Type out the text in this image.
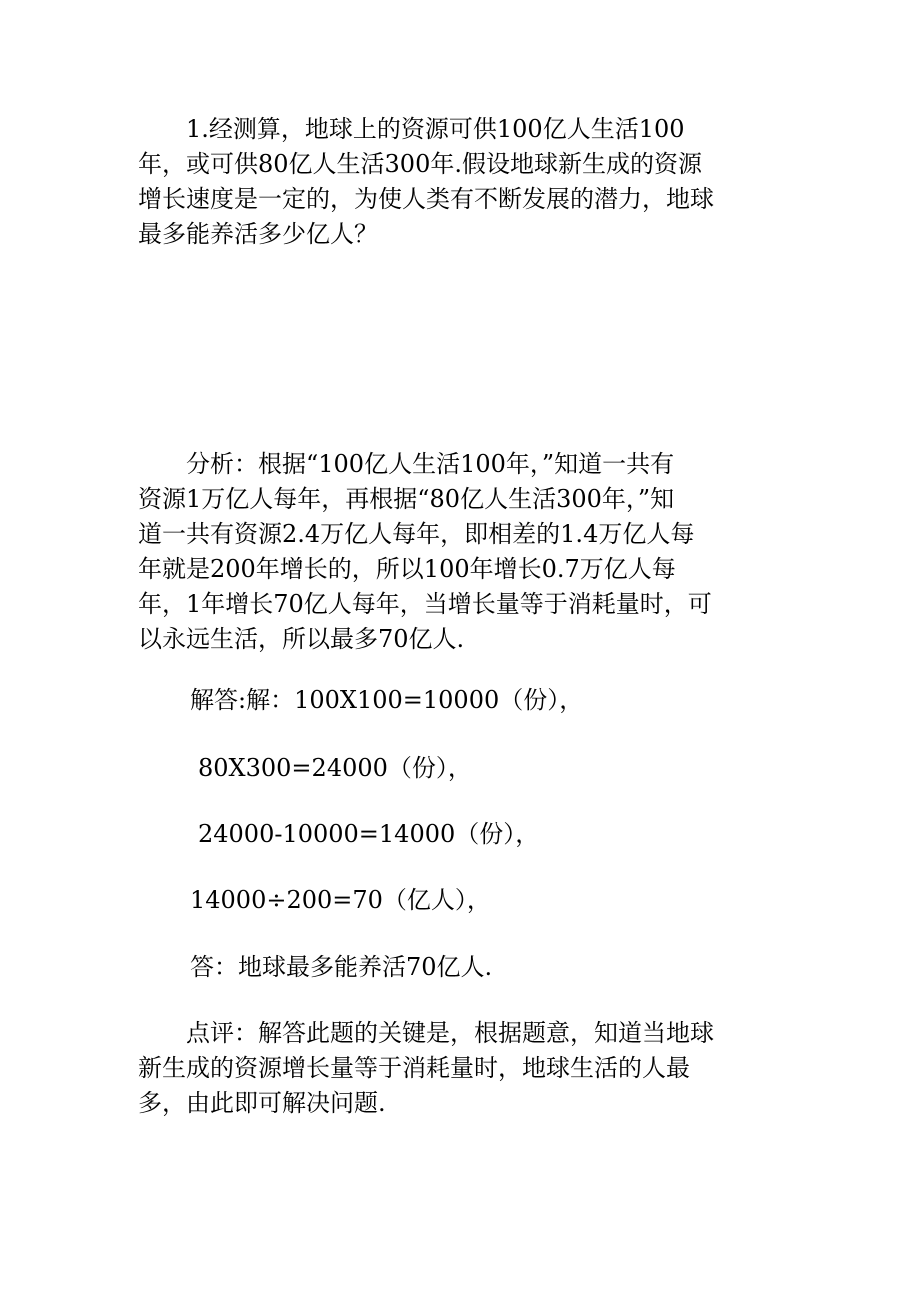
　　1.经测算，地球上的资源可供100亿人生活100
年，或可供80亿人生活300年.假设地球新生成的资源
增长速度是一定的，为使人类有不断发展的潜力，地球
最多能养活多少亿人？
　　分析：根据“100亿人生活100年，”知道一共有
资源1万亿人每年，再根据“80亿人生活300年，”知
道一共有资源2.4万亿人每年，即相差的1.4万亿人每
年就是200年增长的，所以100年增长0.7万亿人每
年，1年增长70亿人每年，当增长量等于消耗量时，可
以永远生活，所以最多70亿人.
解答:解：100X100=10000（份），
80X300=24000（份），
24000-10000=14000（份），
14000÷200=70（亿人），
答：地球最多能养活70亿人.
　　点评：解答此题的关键是，根据题意，知道当地球
新生成的资源增长量等于消耗量时，地球生活的人最
多，由此即可解决问题.
